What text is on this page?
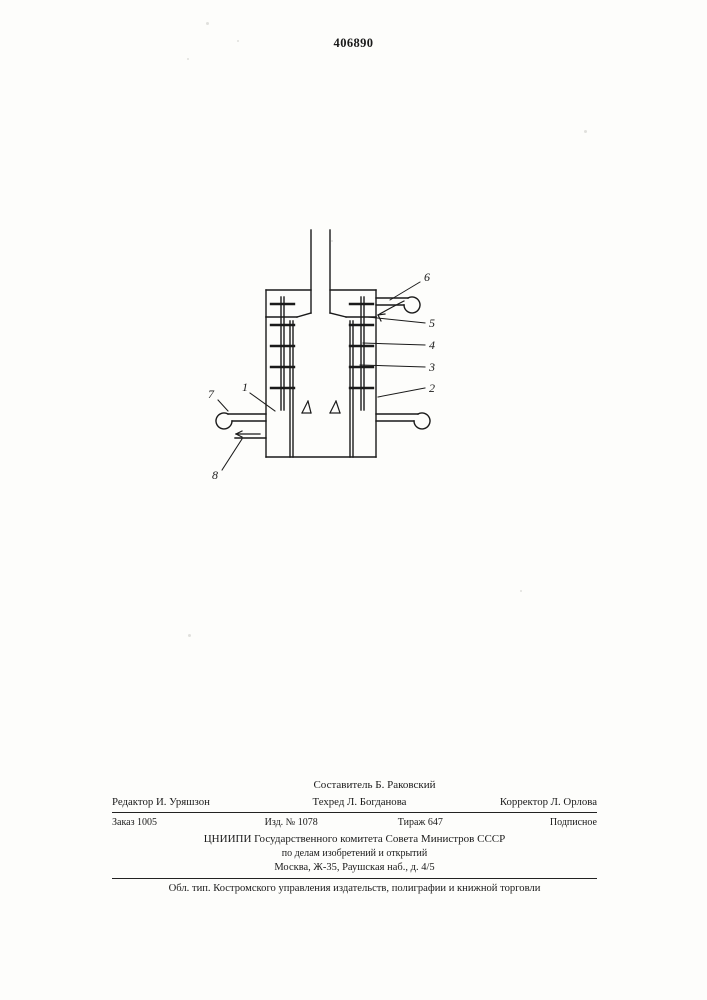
406890
6
5
4
3
2
1
7
8
Составитель Б. Раковский
Редактор И. Уряшзон	Техред Л. Богданова	Корректор Л. Орлова
Заказ 1005	Изд. № 1078	Тираж 647	Подписное
ЦНИИПИ Государственного комитета Совета Министров СССР
по делам изобретений и открытий
Москва, Ж-35, Раушская наб., д. 4/5
Обл. тип. Костромского управления издательств, полиграфии и книжной торговли
